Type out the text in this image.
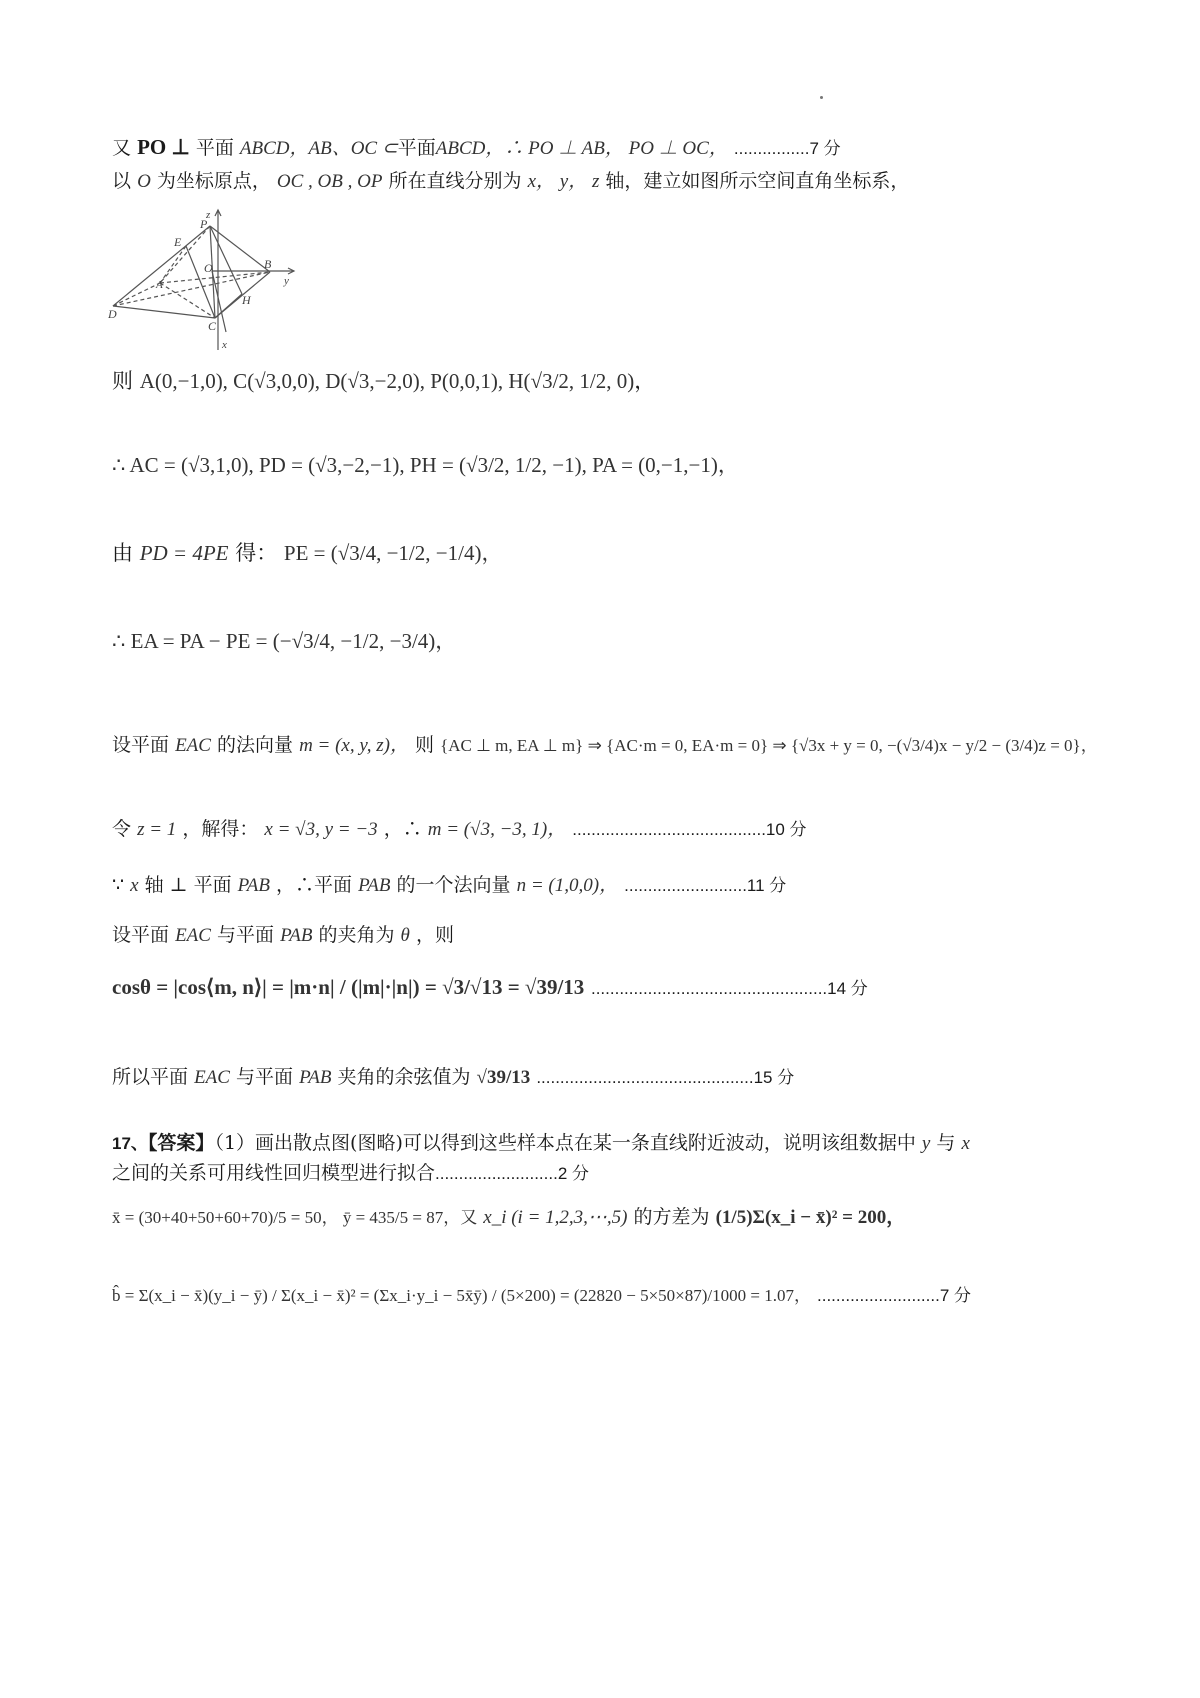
又 PO ⊥ 平面 ABCD，AB、OC ⊂平面ABCD，∴ PO ⊥ AB， PO ⊥ OC， ................7 分
以 O 为坐标原点， OC , OB , OP 所在直线分别为 x， y， z 轴，建立如图所示空间直角坐标系，
z
P
E
O
A
B
y
H
D
C
x
则 A(0,−1,0), C(√3,0,0), D(√3,−2,0), P(0,0,1), H(√3/2, 1/2, 0)，
∴ AC = (√3,1,0), PD = (√3,−2,−1), PH = (√3/2, 1/2, −1), PA = (0,−1,−1)，
由 PD = 4PE 得： PE = (√3/4, −1/2, −1/4)，
∴ EA = PA − PE = (−√3/4, −1/2, −3/4)，
设平面 EAC 的法向量 m = (x, y, z)， 则 {AC ⊥ m, EA ⊥ m} ⇒ {AC·m = 0, EA·m = 0} ⇒ {√3x + y = 0, −(√3/4)x − y/2 − (3/4)z = 0}，
令 z = 1 ，解得： x = √3, y = −3 ，∴ m = (√3, −3, 1)， .........................................10 分
∵ x 轴 ⊥ 平面 PAB ，∴平面 PAB 的一个法向量 n = (1,0,0)， ..........................11 分
设平面 EAC 与平面 PAB 的夹角为 θ ，则
cosθ = |cos⟨m, n⟩| = |m·n| / (|m|·|n|) = √3/√13 = √39/13 ..................................................14 分
所以平面 EAC 与平面 PAB 夹角的余弦值为 √39/13 ..............................................15 分
17、【答案】（1）画出散点图(图略)可以得到这些样本点在某一条直线附近波动，说明该组数据中 y 与 x
之间的关系可用线性回归模型进行拟合..........................2 分
x̄ = (30+40+50+60+70)/5 = 50， ȳ = 435/5 = 87，又 x_i (i = 1,2,3,⋯,5) 的方差为 (1/5)Σ(x_i − x̄)² = 200，
b̂ = Σ(x_i − x̄)(y_i − ȳ) / Σ(x_i − x̄)² = (Σx_i·y_i − 5x̄ȳ) / (5×200) = (22820 − 5×50×87)/1000 = 1.07， ..........................7 分
